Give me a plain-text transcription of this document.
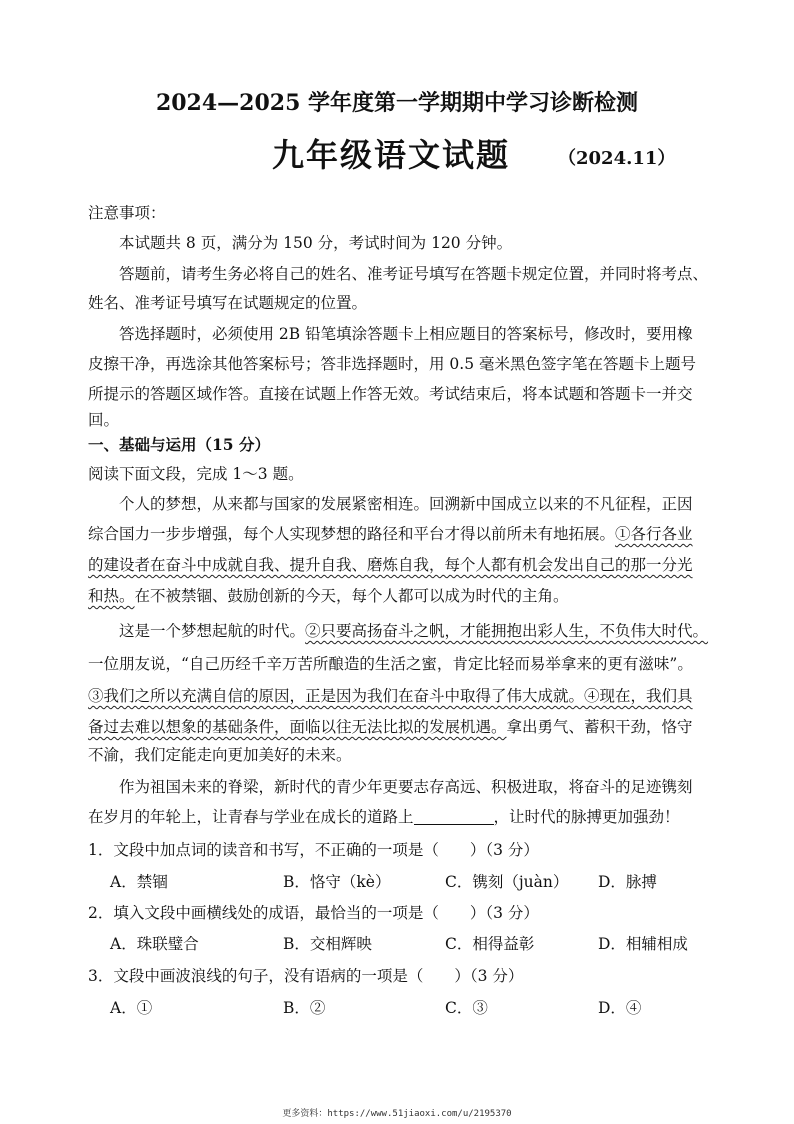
2024—2025 学年度第一学期期中学习诊断检测
九年级语文试题	（2024.11）
注意事项：
本试题共 8 页，满分为 150 分，考试时间为 120 分钟。
答题前，请考生务必将自己的姓名、准考证号填写在答题卡规定位置，并同时将考点、
姓名、准考证号填写在试题规定的位置。
答选择题时，必须使用 2B 铅笔填涂答题卡上相应题目的答案标号，修改时，要用橡
皮擦干净，再选涂其他答案标号；答非选择题时，用 0.5 毫米黑色签字笔在答题卡上题号
所提示的答题区域作答。直接在试题上作答无效。考试结束后，将本试题和答题卡一并交
回。
一、基础与运用（15 分）
阅读下面文段，完成 1～3 题。
个人的梦想，从来都与国家的发展紧密相连。回溯新中国成立以来的不凡征程，正因
综合国力一步步增强，每个人实现梦想的路径和平台才得以前所未有地拓展。①各行各业
的建设者在奋斗中成就自我、提升自我、磨炼自我，每个人都有机会发出自己的那一分光
和热。在不被禁锢、鼓励创新的今天，每个人都可以成为时代的主角。
这是一个梦想起航的时代。②只要高扬奋斗之帆，才能拥抱出彩人生，不负伟大时代。
一位朋友说，“自己历经千辛万苦所酿造的生活之蜜，肯定比轻而易举拿来的更有滋味”。
③我们之所以充满自信的原因，正是因为我们在奋斗中取得了伟大成就。④现在，我们具
备过去难以想象的基础条件，面临以往无法比拟的发展机遇。拿出勇气、蓄积干劲，恪守
不渝，我们定能走向更加美好的未来。
作为祖国未来的脊梁，新时代的青少年更要志存高远、积极进取，将奋斗的足迹镌刻
在岁月的年轮上，让青春与学业在成长的道路上	，让时代的脉搏更加强劲！
1．文段中加点词的读音和书写，不正确的一项是（　　）（3 分）
A．禁锢	B．恪守（kè）	C．镌刻（juàn） D．脉搏
2．填入文段中画横线处的成语，最恰当的一项是（　　）（3 分）
A．珠联璧合	B．交相辉映	C．相得益彰	D．相辅相成
3．文段中画波浪线的句子，没有语病的一项是（　　）（3 分）
A．①	B．②	C．③	D．④
更多资料：https://www.51jiaoxi.com/u/2195370
